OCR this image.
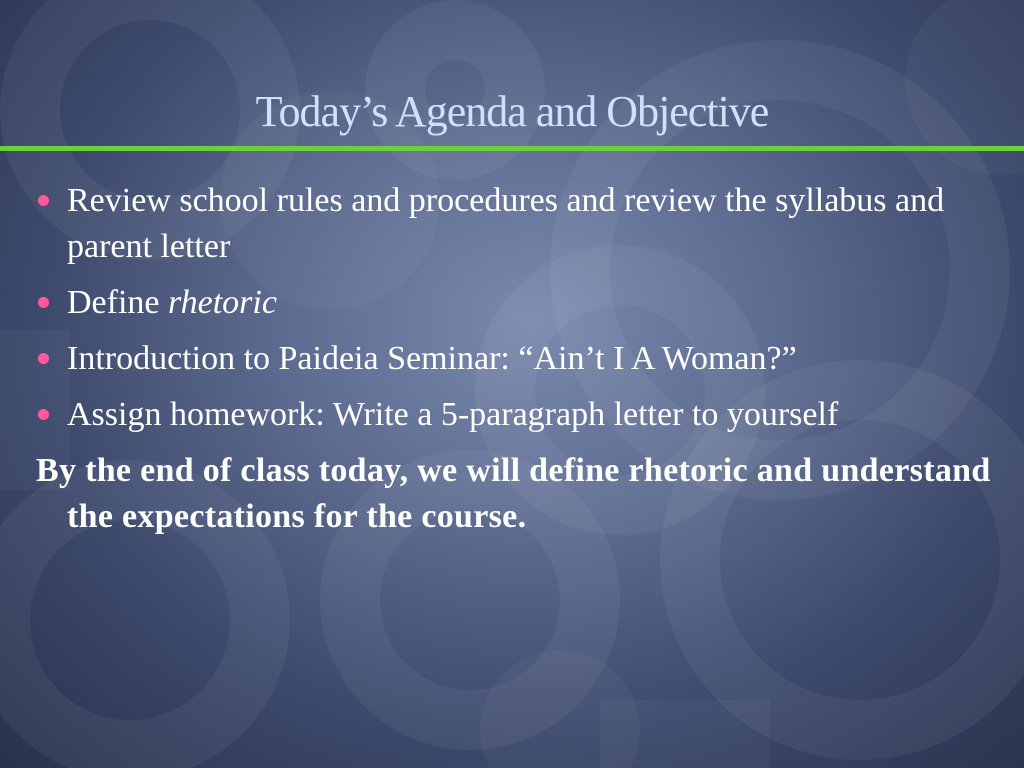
Today’s Agenda and Objective
Review school rules and procedures and review the syllabus and parent letter
Define rhetoric
Introduction to Paideia Seminar: “Ain’t I A Woman?”
Assign homework: Write a 5-paragraph letter to yourself
By the end of class today, we will define rhetoric and understand the expectations for the course.
